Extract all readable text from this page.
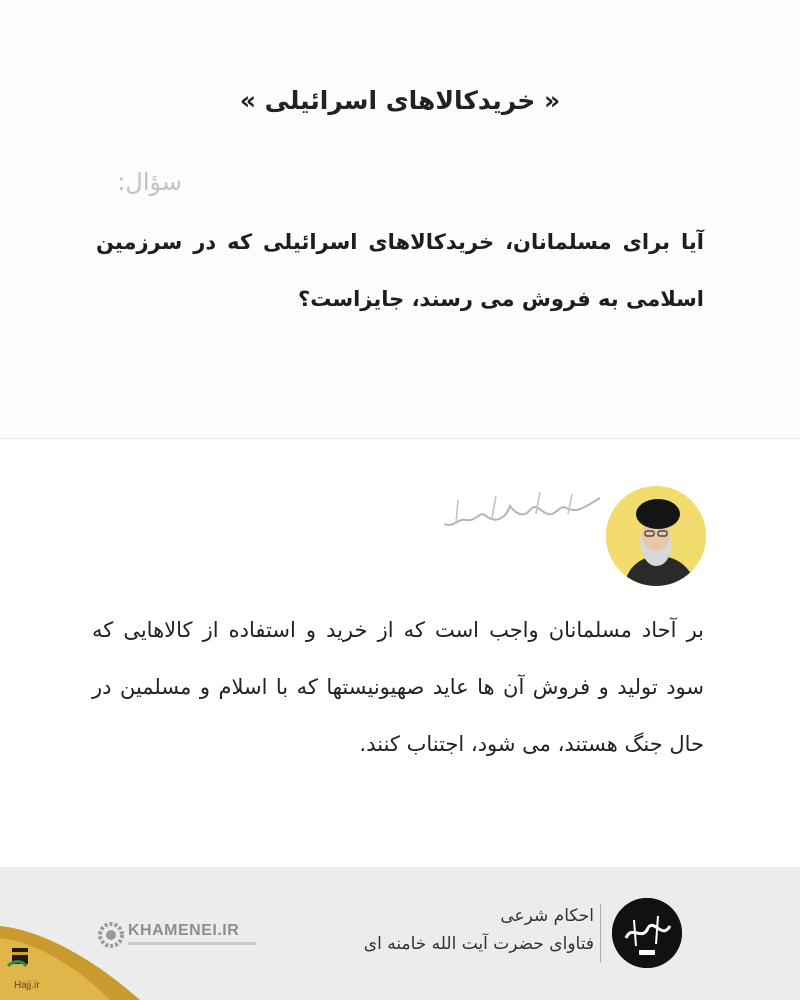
« خریدکالاهای اسرائیلی »
سؤال:
آیا برای مسلمانان، خریدکالاهای اسرائیلی که در سرزمین اسلامی به فروش می رسند، جایزاست؟
بر آحاد مسلمانان واجب است که از خرید و استفاده از کالاهایی که سود تولید و فروش آن ها عاید صهیونیستها که با اسلام و مسلمین در حال جنگ هستند، می شود، اجتناب کنند.
احکام شرعی
فتاوای حضرت آیت الله خامنه ای
KHAMENEI.IR
Hajj.ir
